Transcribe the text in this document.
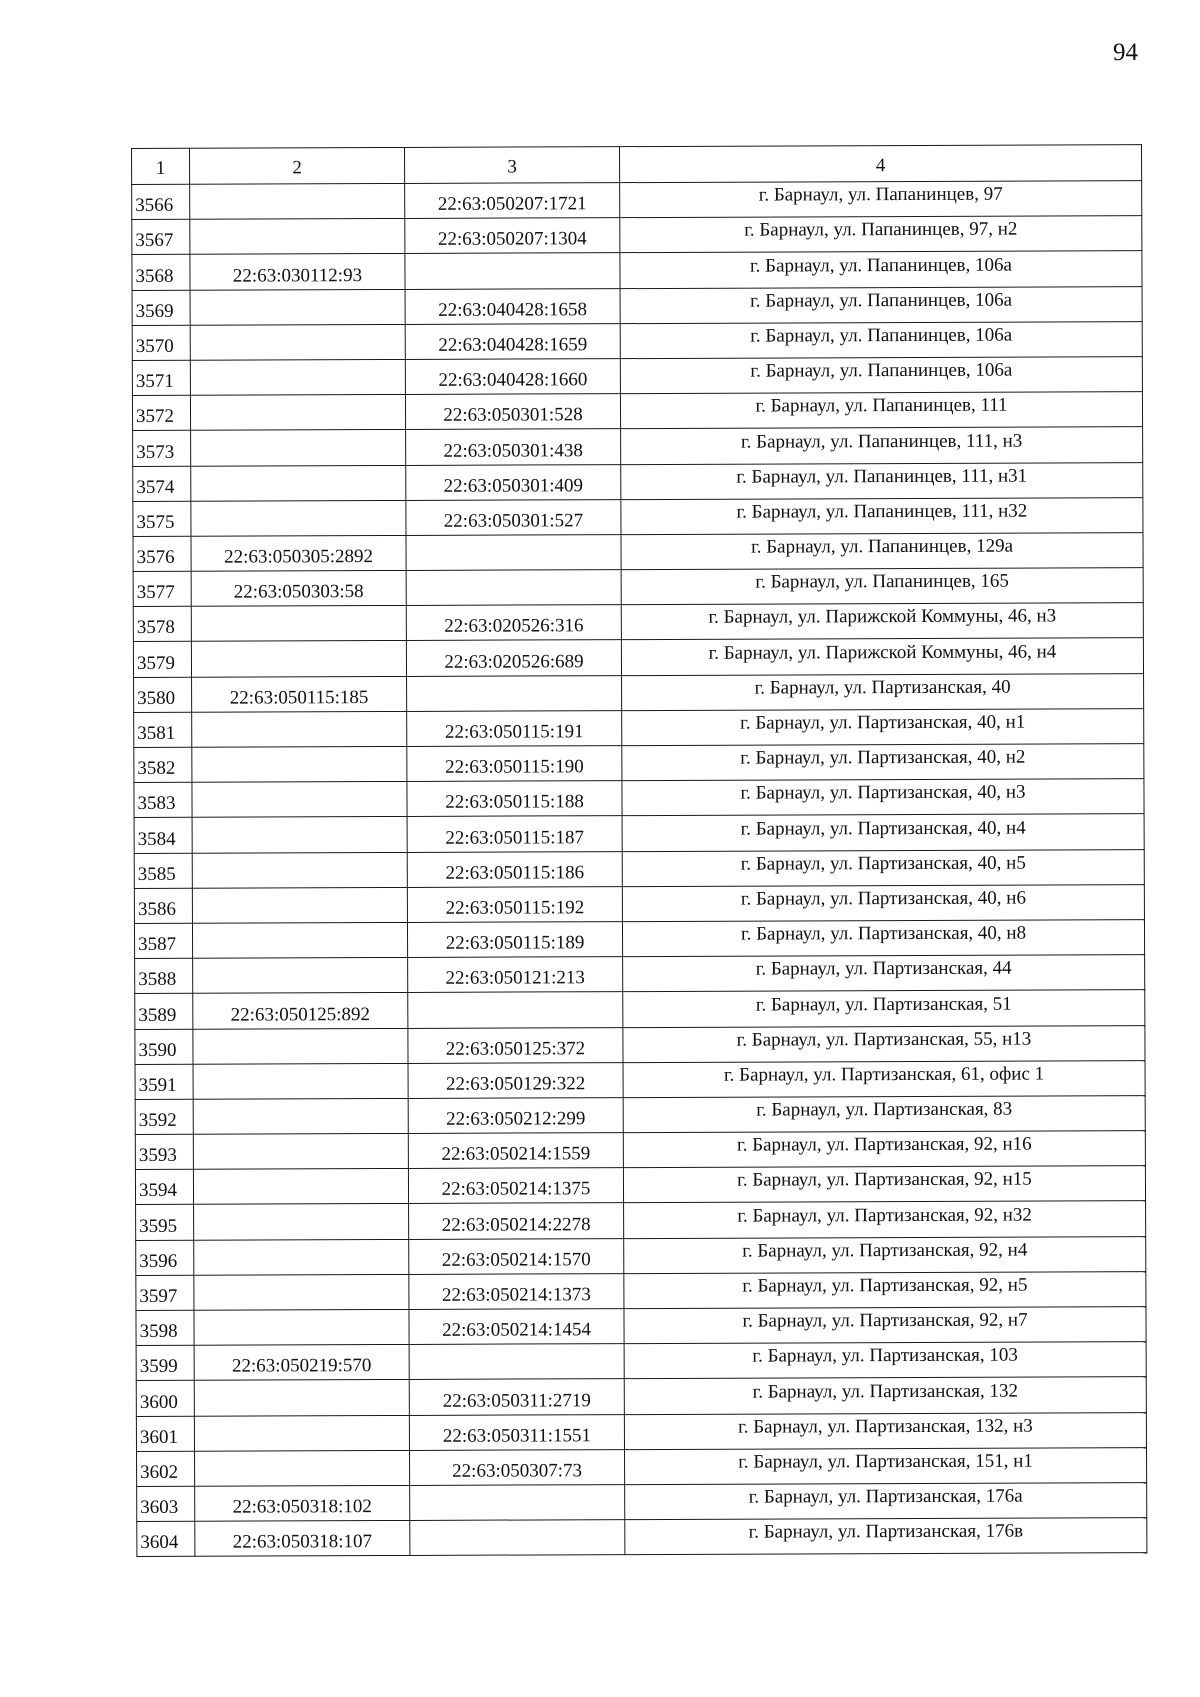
94
1	2	3	4
3566		22:63:050207:1721	г. Барнаул, ул. Папанинцев, 97
3567		22:63:050207:1304	г. Барнаул, ул. Папанинцев, 97, н2
3568	22:63:030112:93		г. Барнаул, ул. Папанинцев, 106а
3569		22:63:040428:1658	г. Барнаул, ул. Папанинцев, 106а
3570		22:63:040428:1659	г. Барнаул, ул. Папанинцев, 106а
3571		22:63:040428:1660	г. Барнаул, ул. Папанинцев, 106а
3572		22:63:050301:528	г. Барнаул, ул. Папанинцев, 111
3573		22:63:050301:438	г. Барнаул, ул. Папанинцев, 111, н3
3574		22:63:050301:409	г. Барнаул, ул. Папанинцев, 111, н31
3575		22:63:050301:527	г. Барнаул, ул. Папанинцев, 111, н32
3576	22:63:050305:2892		г. Барнаул, ул. Папанинцев, 129а
3577	22:63:050303:58		г. Барнаул, ул. Папанинцев, 165
3578		22:63:020526:316	г. Барнаул, ул. Парижской Коммуны, 46, н3
3579		22:63:020526:689	г. Барнаул, ул. Парижской Коммуны, 46, н4
3580	22:63:050115:185		г. Барнаул, ул. Партизанская, 40
3581		22:63:050115:191	г. Барнаул, ул. Партизанская, 40, н1
3582		22:63:050115:190	г. Барнаул, ул. Партизанская, 40, н2
3583		22:63:050115:188	г. Барнаул, ул. Партизанская, 40, н3
3584		22:63:050115:187	г. Барнаул, ул. Партизанская, 40, н4
3585		22:63:050115:186	г. Барнаул, ул. Партизанская, 40, н5
3586		22:63:050115:192	г. Барнаул, ул. Партизанская, 40, н6
3587		22:63:050115:189	г. Барнаул, ул. Партизанская, 40, н8
3588		22:63:050121:213	г. Барнаул, ул. Партизанская, 44
3589	22:63:050125:892		г. Барнаул, ул. Партизанская, 51
3590		22:63:050125:372	г. Барнаул, ул. Партизанская, 55, н13
3591		22:63:050129:322	г. Барнаул, ул. Партизанская, 61, офис 1
3592		22:63:050212:299	г. Барнаул, ул. Партизанская, 83
3593		22:63:050214:1559	г. Барнаул, ул. Партизанская, 92, н16
3594		22:63:050214:1375	г. Барнаул, ул. Партизанская, 92, н15
3595		22:63:050214:2278	г. Барнаул, ул. Партизанская, 92, н32
3596		22:63:050214:1570	г. Барнаул, ул. Партизанская, 92, н4
3597		22:63:050214:1373	г. Барнаул, ул. Партизанская, 92, н5
3598		22:63:050214:1454	г. Барнаул, ул. Партизанская, 92, н7
3599	22:63:050219:570		г. Барнаул, ул. Партизанская, 103
3600		22:63:050311:2719	г. Барнаул, ул. Партизанская, 132
3601		22:63:050311:1551	г. Барнаул, ул. Партизанская, 132, н3
3602		22:63:050307:73	г. Барнаул, ул. Партизанская, 151, н1
3603	22:63:050318:102		г. Барнаул, ул. Партизанская, 176а
3604	22:63:050318:107		г. Барнаул, ул. Партизанская, 176в
